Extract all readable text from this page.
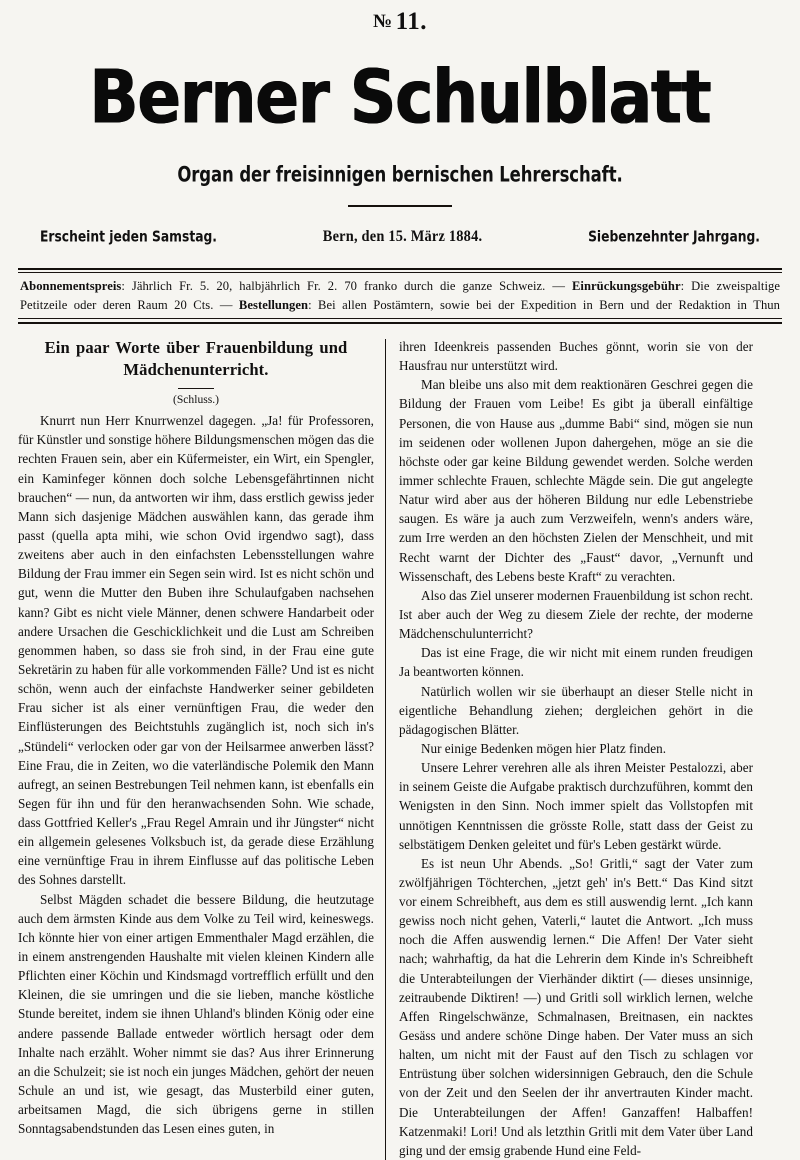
№ 11.
Berner Schulblatt
Organ der freisinnigen bernischen Lehrerschaft.
Erscheint jeden Samstag.	Bern, den 15. März 1884.	Siebenzehnter Jahrgang.
Abonnementspreis: Jährlich Fr. 5. 20, halbjährlich Fr. 2. 70 franko durch die ganze Schweiz. — Einrückungsgebühr: Die zweispaltige
Petitzeile oder deren Raum 20 Cts. — Bestellungen: Bei allen Postämtern, sowie bei der Expedition in Bern und der Redaktion in Thun
Ein paar Worte über Frauenbildung und Mädchenunterricht.
(Schluss.)

Knurrt nun Herr Knurrwenzel dagegen. „Ja! für Professoren, für Künstler und sonstige höhere Bildungsmenschen mögen das die rechten Frauen sein, aber ein Küfermeister, ein Wirt, ein Spengler, ein Kaminfeger können doch solche Lebensgefährtinnen nicht brauchen“ — nun, da antworten wir ihm, dass erstlich gewiss jeder Mann sich dasjenige Mädchen auswählen kann, das gerade ihm passt (quella apta mihi, wie schon Ovid irgendwo sagt), dass zweitens aber auch in den einfachsten Lebensstellungen wahre Bildung der Frau immer ein Segen sein wird. Ist es nicht schön und gut, wenn die Mutter den Buben ihre Schulaufgaben nachsehen kann? Gibt es nicht viele Männer, denen schwere Handarbeit oder andere Ursachen die Geschicklichkeit und die Lust am Schreiben genommen haben, so dass sie froh sind, in der Frau eine gute Sekretärin zu haben für alle vorkommenden Fälle? Und ist es nicht schön, wenn auch der einfachste Handwerker seiner gebildeten Frau sicher ist als einer vernünftigen Frau, die weder den Einflüsterungen des Beichtstuhls zugänglich ist, noch sich in's „Stündeli“ verlocken oder gar von der Heilsarmee anwerben lässt? Eine Frau, die in Zeiten, wo die vaterländische Polemik den Mann aufregt, an seinen Bestrebungen Teil nehmen kann, ist ebenfalls ein Segen für ihn und für den heranwachsenden Sohn. Wie schade, dass Gottfried Keller's „Frau Regel Amrain und ihr Jüngster“ nicht ein allgemein gelesenes Volksbuch ist, da gerade diese Erzählung eine vernünftige Frau in ihrem Einflusse auf das politische Leben des Sohnes darstellt.

Selbst Mägden schadet die bessere Bildung, die heutzutage auch dem ärmsten Kinde aus dem Volke zu Teil wird, keineswegs. Ich könnte hier von einer artigen Emmenthaler Magd erzählen, die in einem anstrengenden Haushalte mit vielen kleinen Kindern alle Pflichten einer Köchin und Kindsmagd vortrefflich erfüllt und den Kleinen, die sie umringen und die sie lieben, manche köstliche Stunde bereitet, indem sie ihnen Uhland's blinden König oder eine andere passende Ballade entweder wörtlich hersagt oder dem Inhalte nach erzählt. Woher nimmt sie das? Aus ihrer Erinnerung an die Schulzeit; sie ist noch ein junges Mädchen, gehört der neuen Schule an und ist, wie gesagt, das Musterbild einer guten, arbeitsamen Magd, die sich übrigens gerne in stillen Sonntagsabendstunden das Lesen eines guten, in

ihren Ideenkreis passenden Buches gönnt, worin sie von der Hausfrau nur unterstützt wird.

Man bleibe uns also mit dem reaktionären Geschrei gegen die Bildung der Frauen vom Leibe! Es gibt ja überall einfältige Personen, die von Hause aus „dumme Babi“ sind, mögen sie nun im seidenen oder wollenen Jupon dahergehen, möge an sie die höchste oder gar keine Bildung gewendet werden. Solche werden immer schlechte Frauen, schlechte Mägde sein. Die gut angelegte Natur wird aber aus der höheren Bildung nur edle Lebenstriebe saugen. Es wäre ja auch zum Verzweifeln, wenn's anders wäre, zum Irre werden an den höchsten Zielen der Menschheit, und mit Recht warnt der Dichter des „Faust“ davor, „Vernunft und Wissenschaft, des Lebens beste Kraft“ zu verachten.

Also das Ziel unserer modernen Frauenbildung ist schon recht. Ist aber auch der Weg zu diesem Ziele der rechte, der moderne Mädchenschulunterricht?

Das ist eine Frage, die wir nicht mit einem runden freudigen Ja beantworten können.

Natürlich wollen wir sie überhaupt an dieser Stelle nicht in eigentliche Behandlung ziehen; dergleichen gehört in die pädagogischen Blätter.

Nur einige Bedenken mögen hier Platz finden.

Unsere Lehrer verehren alle als ihren Meister Pestalozzi, aber in seinem Geiste die Aufgabe praktisch durchzuführen, kommt den Wenigsten in den Sinn. Noch immer spielt das Vollstopfen mit unnötigen Kenntnissen die grösste Rolle, statt dass der Geist zu selbstätigem Denken geleitet und für's Leben gestärkt würde.

Es ist neun Uhr Abends. „So! Gritli,“ sagt der Vater zum zwölfjährigen Töchterchen, „jetzt geh' in's Bett.“ Das Kind sitzt vor einem Schreibheft, aus dem es still auswendig lernt. „Ich kann gewiss noch nicht gehen, Vaterli,“ lautet die Antwort. „Ich muss noch die Affen auswendig lernen.“ Die Affen! Der Vater sieht nach; wahrhaftig, da hat die Lehrerin dem Kinde in's Schreibheft die Unterabteilungen der Vierhänder diktirt (— dieses unsinnige, zeitraubende Diktiren! —) und Gritli soll wirklich lernen, welche Affen Ringelschwänze, Schmalnasen, Breitnasen, ein nacktes Gesäss und andere schöne Dinge haben. Der Vater muss an sich halten, um nicht mit der Faust auf den Tisch zu schlagen vor Entrüstung über solchen widersinnigen Gebrauch, den die Schule von der Zeit und den Seelen der ihr anvertrauten Kinder macht. Die Unterabteilungen der Affen! Ganzaffen! Halbaffen! Katzenmaki! Lori! Und als letzthin Gritli mit dem Vater über Land ging und der emsig grabende Hund eine Feld-
